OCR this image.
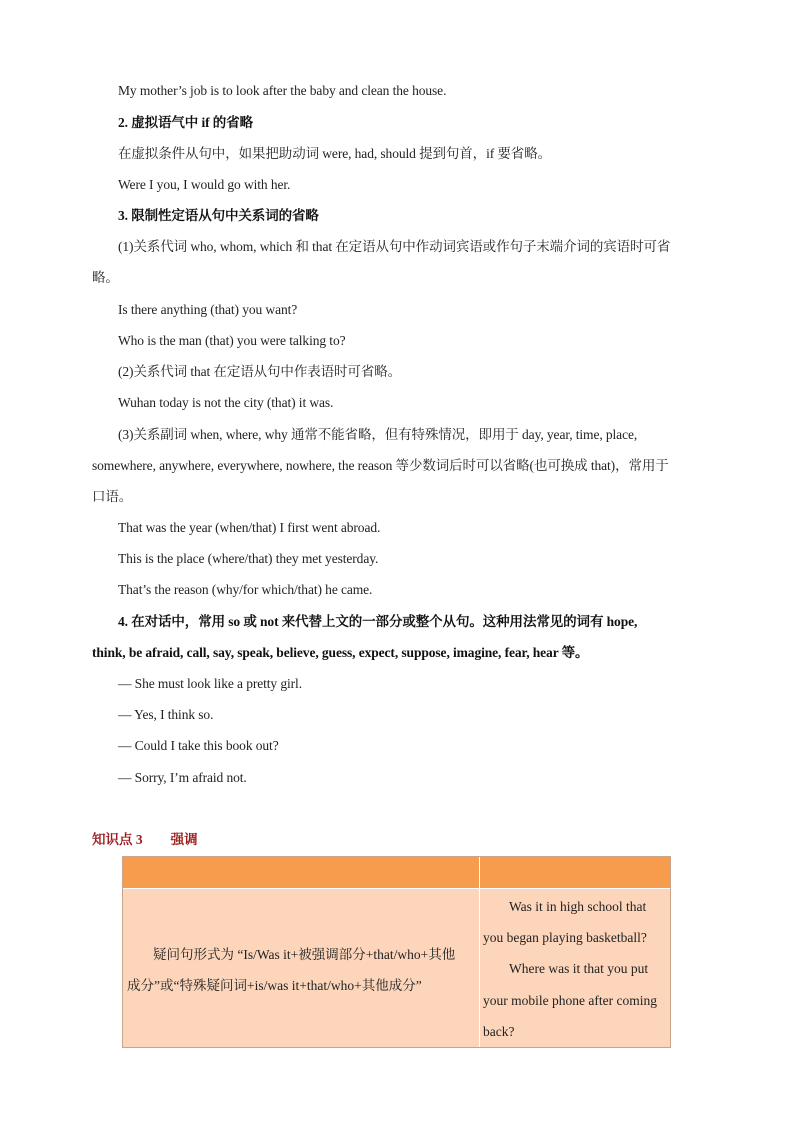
My mother’s job is to look after the baby and clean the house.
2. 虚拟语气中 if 的省略
在虚拟条件从句中，如果把助动词 were, had, should 提到句首，if 要省略。
Were I you, I would go with her.
3. 限制性定语从句中关系词的省略
(1)关系代词 who, whom, which 和 that 在定语从句中作动词宾语或作句子末端介词的宾语时可省
略。
Is there anything (that) you want?
Who is the man (that) you were talking to?
(2)关系代词 that 在定语从句中作表语时可省略。
Wuhan today is not the city (that) it was.
(3)关系副词 when, where, why 通常不能省略，但有特殊情况，即用于 day, year, time, place,
somewhere, anywhere, everywhere, nowhere, the reason 等少数词后时可以省略(也可换成 that)，常用于
口语。
That was the year (when/that) I first went abroad.
This is the place (where/that) they met yesterday.
That’s the reason (why/for which/that) he came.
4. 在对话中，常用 so 或 not 来代替上文的一部分或整个从句。这种用法常见的词有 hope,
think, be afraid, call, say, speak, believe, guess, expect, suppose, imagine, fear, hear 等。
— She must look like a pretty girl.
— Yes, I think so.
— Could I take this book out?
— Sorry, I’m afraid not.
知识点 3 强调
疑问句形式为 “Is/Was it+被强调部分+that/who+其他
成分”或“特殊疑问词+is/was it+that/who+其他成分”
Was it in high school that
you began playing basketball?
Where was it that you put
your mobile phone after coming
back?
